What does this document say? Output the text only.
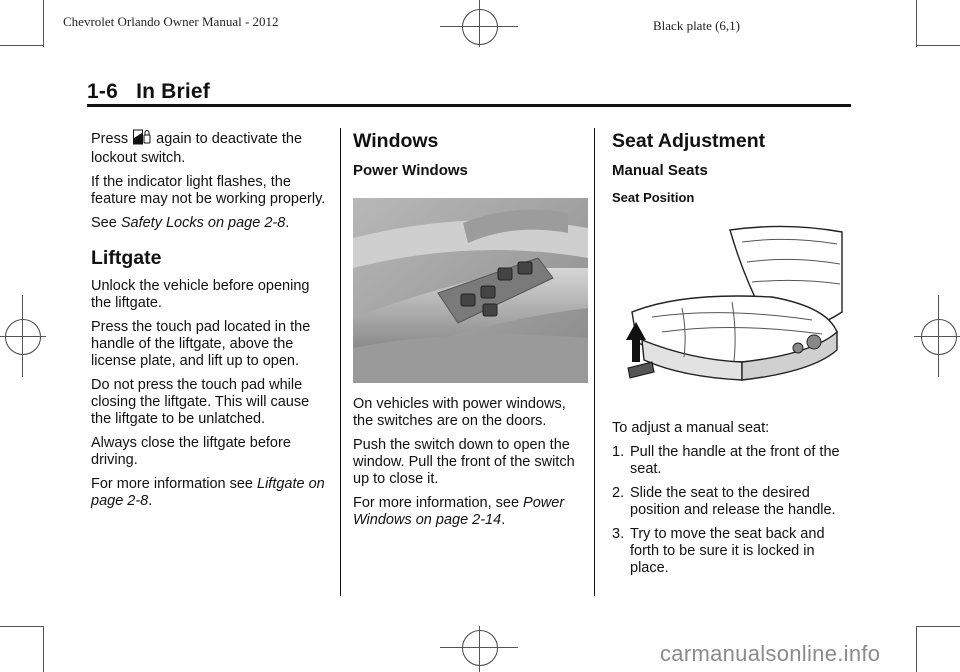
Chevrolet Orlando Owner Manual - 2012	Black plate (6,1)
1-6 In Brief

Press again to deactivate the lockout switch.

If the indicator light flashes, the feature may not be working properly.

See Safety Locks on page 2-8.

Liftgate

Unlock the vehicle before opening the liftgate.

Press the touch pad located in the handle of the liftgate, above the license plate, and lift up to open.

Do not press the touch pad while closing the liftgate. This will cause the liftgate to be unlatched.

Always close the liftgate before driving.

For more information see Liftgate on page 2-8.

Windows
Power Windows

On vehicles with power windows, the switches are on the doors.

Push the switch down to open the window. Pull the front of the switch up to close it.

For more information, see Power Windows on page 2-14.

Seat Adjustment
Manual Seats
Seat Position

To adjust a manual seat:

1. Pull the handle at the front of the seat.
2. Slide the seat to the desired position and release the handle.
3. Try to move the seat back and forth to be sure it is locked in place.
carmanualsonline.info
